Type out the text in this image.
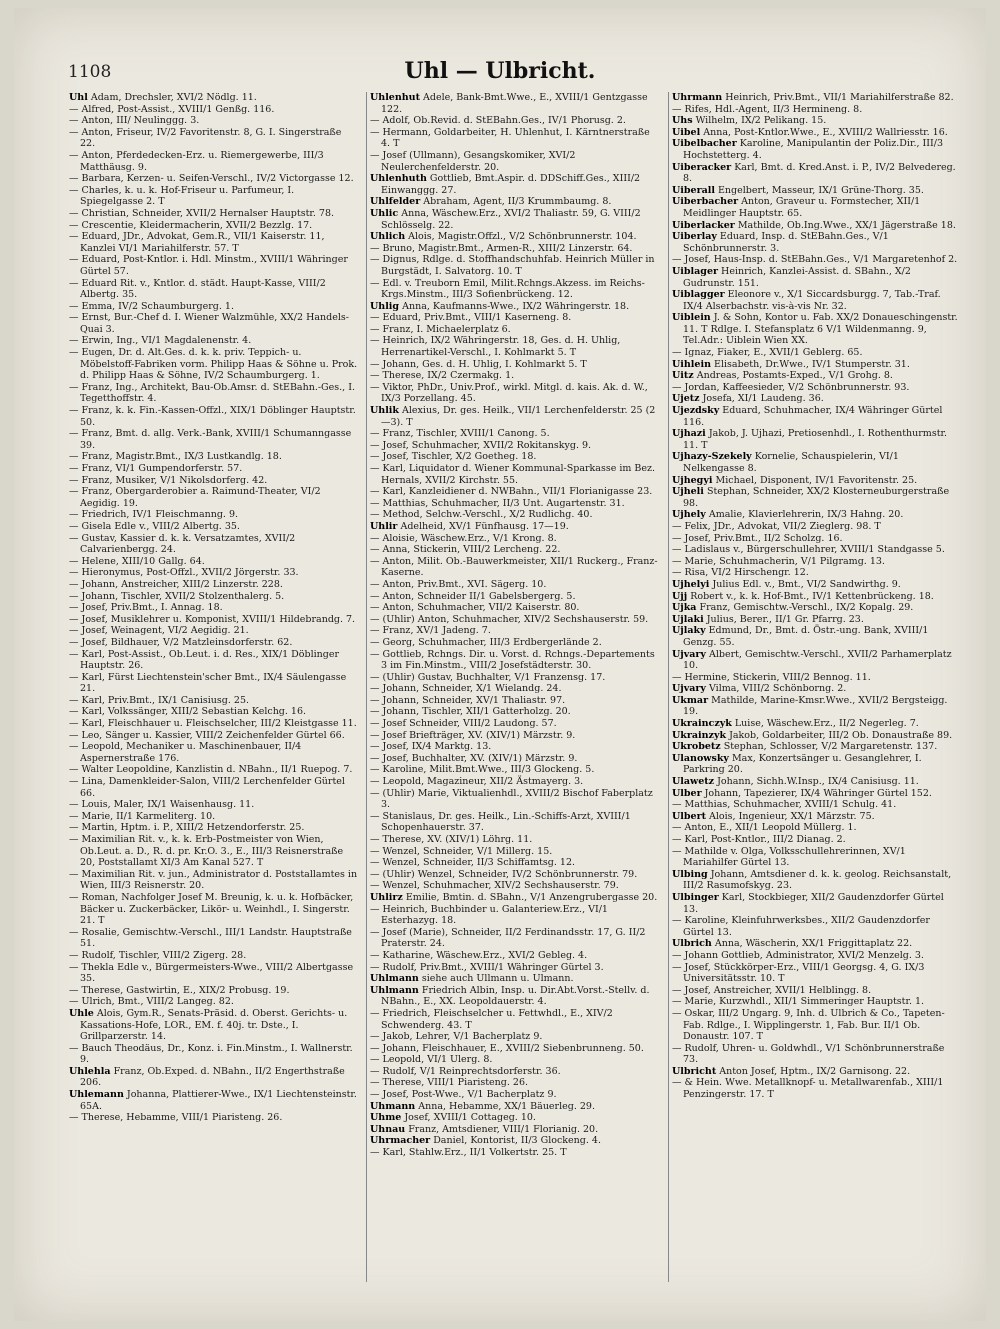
1108	Uhl — Ulbricht.
Uhl Adam, Drechsler, XVI/2 Nödlg. 11.
— Alfred, Post-Assist., XVIII/1 Genßg. 116.
— Anton, III/ Neulinggg. 3.
— Anton, Friseur, IV/2 Favoritenstr. 8, G. I. Singerstraße 22.
— Anton, Pferdedecken-Erz. u. Riemergewerbe, III/3 Matthäusg. 9.
— Barbara, Kerzen- u. Seifen-Verschl., IV/2 Victorgasse 12.
— Charles, k. u. k. Hof-Friseur u. Parfumeur, I. Spiegelgasse 2. T
— Christian, Schneider, XVII/2 Hernalser Hauptstr. 78.
— Crescentie, Kleidermacherin, XVII/2 Bezzlg. 17.
— Eduard, JDr., Advokat, Gem.R., VII/1 Kaiserstr. 11, Kanzlei VI/1 Mariahilferstr. 57. T
— Eduard, Post-Kntlor. i. Hdl. Minstm., XVIII/1 Währinger Gürtel 57.
— Eduard Rit. v., Kntlor. d. städt. Haupt-Kasse, VIII/2 Albertg. 35.
— Emma, IV/2 Schaumburgerg. 1.
— Ernst, Bur.-Chef d. I. Wiener Walzmühle, XX/2 Handels-Quai 3.
— Erwin, Ing., VI/1 Magdalenenstr. 4.
— Eugen, Dr. d. Alt.Ges. d. k. k. priv. Teppich- u. Möbelstoff-Fabriken vorm. Philipp Haas & Söhne u. Prok. d. Philipp Haas & Söhne, IV/2 Schaumburgerg. 1.
— Franz, Ing., Architekt, Bau-Ob.Amsr. d. StEBahn.-Ges., I. Tegetthoffstr. 4.
— Franz, k. k. Fin.-Kassen-Offzl., XIX/1 Döblinger Hauptstr. 50.
— Franz, Bmt. d. allg. Verk.-Bank, XVIII/1 Schumanngasse 39.
— Franz, Magistr.Bmt., IX/3 Lustkandlg. 18.
— Franz, VI/1 Gumpendorferstr. 57.
— Franz, Musiker, V/1 Nikolsdorferg. 42.
— Franz, Obergarderobier a. Raimund-Theater, VI/2 Aegidig. 19.
— Friedrich, IV/1 Fleischmanng. 9.
— Gisela Edle v., VIII/2 Albertg. 35.
— Gustav, Kassier d. k. k. Versatzamtes, XVII/2 Calvarienbergg. 24.
— Helene, XIII/10 Gallg. 64.
— Hieronymus, Post-Offzl., XVII/2 Jörgerstr. 33.
— Johann, Anstreicher, XIII/2 Linzerstr. 228.
— Johann, Tischler, XVII/2 Stolzenthalerg. 5.
— Josef, Priv.Bmt., I. Annag. 18.
— Josef, Musiklehrer u. Komponist, XVIII/1 Hildebrandg. 7.
— Josef, Weinagent, VI/2 Aegidig. 21.
— Josef, Bildhauer, V/2 Matzleinsdorferstr. 62.
— Karl, Post-Assist., Ob.Leut. i. d. Res., XIX/1 Döblinger Hauptstr. 26.
— Karl, Fürst Liechtenstein'scher Bmt., IX/4 Säulengasse 21.
— Karl, Priv.Bmt., IX/1 Canisiusg. 25.
— Karl, Volkssänger, XIII/2 Sebastian Kelchg. 16.
— Karl, Fleischhauer u. Fleischselcher, III/2 Kleistgasse 11.
— Leo, Sänger u. Kassier, VIII/2 Zeichenfelder Gürtel 66.
— Leopold, Mechaniker u. Maschinenbauer, II/4 Aspernerstraße 176.
— Walter Leopoldine, Kanzlistin d. NBahn., II/1 Ruepog. 7.
— Lina, Damenkleider-Salon, VIII/2 Lerchenfelder Gürtel 66.
— Louis, Maler, IX/1 Waisenhausg. 11.
— Marie, II/1 Karmeliterg. 10.
— Martin, Hptm. i. P., XIII/2 Hetzendorferstr. 25.
— Maximilian Rit. v., k. k. Erb-Postmeister von Wien, Ob.Leut. a. D., R. d. pr. Kr.O. 3., E., III/3 Reisnerstraße 20, Poststallamt XI/3 Am Kanal 527. T
— Maximilian Rit. v. jun., Administrator d. Poststallamtes in Wien, III/3 Reisnerstr. 20.
— Roman, Nachfolger Josef M. Breunig, k. u. k. Hofbäcker, Bäcker u. Zuckerbäcker, Likör- u. Weinhdl., I. Singerstr. 21. T
— Rosalie, Gemischtw.-Verschl., III/1 Landstr. Hauptstraße 51.
— Rudolf, Tischler, VIII/2 Zigerg. 28.
— Thekla Edle v., Bürgermeisters-Wwe., VIII/2 Albertgasse 35.
— Therese, Gastwirtin, E., XIX/2 Probusg. 19.
— Ulrich, Bmt., VIII/2 Langeg. 82.
Uhle Alois, Gym.R., Senats-Präsid. d. Oberst. Gerichts- u. Kassations-Hofe, LOR., EM. f. 40j. tr. Dste., I. Grillparzerstr. 14.
— Bauch Theodäus, Dr., Konz. i. Fin.Minstm., I. Wallnerstr. 9.
Uhlehla Franz, Ob.Exped. d. NBahn., II/2 Engerthstraße 206.
Uhlemann Johanna, Plattierer-Wwe., IX/1 Liechtensteinstr. 65A.
— Therese, Hebamme, VIII/1 Piaristeng. 26.
Uhlenhut Adele, Bank-Bmt.Wwe., E., XVIII/1 Gentzgasse 122.
— Adolf, Ob.Revid. d. StEBahn.Ges., IV/1 Phorusg. 2.
— Hermann, Goldarbeiter, H. Uhlenhut, I. Kärntnerstraße 4. T
— Josef (Ullmann), Gesangskomiker, XVI/2 Neulerchenfelderstr. 20.
Uhlenhuth Gottlieb, Bmt.Aspir. d. DDSchiff.Ges., XIII/2 Einwanggg. 27.
Uhlfelder Abraham, Agent, II/3 Krummbaumg. 8.
Uhlic Anna, Wäschew.Erz., XVI/2 Thaliastr. 59, G. VIII/2 Schlösselg. 22.
Uhlich Alois, Magistr.Offzl., V/2 Schönbrunnerstr. 104.
— Bruno, Magistr.Bmt., Armen-R., XIII/2 Linzerstr. 64.
— Dignus, Rdlge. d. Stoffhandschuhfab. Heinrich Müller in Burgstädt, I. Salvatorg. 10. T
— Edl. v. Treuborn Emil, Milit.Rchngs.Akzess. im Reichs-Krgs.Minstm., III/3 Sofienbrückeng. 12.
Uhlig Anna, Kaufmanns-Wwe., IX/2 Währingerstr. 18.
— Eduard, Priv.Bmt., VIII/1 Kaserneng. 8.
— Franz, I. Michaelerplatz 6.
— Heinrich, IX/2 Währingerstr. 18, Ges. d. H. Uhlig, Herrenartikel-Verschl., I. Kohlmarkt 5. T
— Johann, Ges. d. H. Uhlig, I. Kohlmarkt 5. T
— Therese, IX/2 Czermakg. 1.
— Viktor, PhDr., Univ.Prof., wirkl. Mitgl. d. kais. Ak. d. W., IX/3 Porzellang. 45.
Uhlik Alexius, Dr. ges. Heilk., VII/1 Lerchenfelderstr. 25 (2—3). T
— Franz, Tischler, XVIII/1 Canong. 5.
— Josef, Schuhmacher, XVII/2 Rokitanskyg. 9.
— Josef, Tischler, X/2 Goetheg. 18.
— Karl, Liquidator d. Wiener Kommunal-Sparkasse im Bez. Hernals, XVII/2 Kirchstr. 55.
— Karl, Kanzleidiener d. NWBahn., VII/1 Florianigasse 23.
— Matthias, Schuhmacher, II/3 Unt. Augartenstr. 31.
— Method, Selchw.-Verschl., X/2 Rudlichg. 40.
Uhlir Adelheid, XV/1 Fünfhausg. 17—19.
— Aloisie, Wäschew.Erz., V/1 Krong. 8.
— Anna, Stickerin, VIII/2 Lercheng. 22.
— Anton, Milit. Ob.-Bauwerkmeister, XII/1 Ruckerg., Franz-Kaserne.
— Anton, Priv.Bmt., XVI. Sägerg. 10.
— Anton, Schneider II/1 Gabelsbergerg. 5.
— Anton, Schuhmacher, VII/2 Kaiserstr. 80.
— (Uhlir) Anton, Schuhmacher, XIV/2 Sechshauserstr. 59.
— Franz, XV/1 Jadeng. 7.
— Georg, Schuhmacher, III/3 Erdbergerlände 2.
— Gottlieb, Rchngs. Dir. u. Vorst. d. Rchngs.-Departements 3 im Fin.Minstm., VIII/2 Josefstädterstr. 30.
— (Uhlir) Gustav, Buchhalter, V/1 Franzensg. 17.
— Johann, Schneider, X/1 Wielandg. 24.
— Johann, Schneider, XV/1 Thaliastr. 97.
— Johann, Tischler, XII/1 Gatterholzg. 20.
— Josef Schneider, VIII/2 Laudong. 57.
— Josef Briefträger, XV. (XIV/1) Märzstr. 9.
— Josef, IX/4 Marktg. 13.
— Josef, Buchhalter, XV. (XIV/1) Märzstr. 9.
— Karoline, Milit.Bmt.Wwe., III/3 Glockeng. 5.
— Leopold, Magazineur, XII/2 Ästmayerg. 3.
— (Uhlir) Marie, Viktualienhdl., XVIII/2 Bischof Faberplatz 3.
— Stanislaus, Dr. ges. Heilk., Lin.-Schiffs-Arzt, XVIII/1 Schopenhauerstr. 37.
— Therese, XV. (XIV/1) Löhrg. 11.
— Wenzel, Schneider, V/1 Millerg. 15.
— Wenzel, Schneider, II/3 Schiffamtsg. 12.
— (Uhlir) Wenzel, Schneider, IV/2 Schönbrunnerstr. 79.
— Wenzel, Schuhmacher, XIV/2 Sechshauserstr. 79.
Uhlirz Emilie, Bmtin. d. SBahn., V/1 Anzengrubergasse 20.
— Heinrich, Buchbinder u. Galanteriew.Erz., VI/1 Esterhazyg. 18.
— Josef (Marie), Schneider, II/2 Ferdinandsstr. 17, G. II/2 Praterstr. 24.
— Katharine, Wäschew.Erz., XVI/2 Gebleg. 4.
— Rudolf, Priv.Bmt., XVIII/1 Währinger Gürtel 3.
Uhlmann siehe auch Ullmann u. Ulmann.
Uhlmann Friedrich Albin, Insp. u. Dir.Abt.Vorst.-Stellv. d. NBahn., E., XX. Leopoldauerstr. 4.
— Friedrich, Fleischselcher u. Fettwhdl., E., XIV/2 Schwenderg. 43. T
— Jakob, Lehrer, V/1 Bacherplatz 9.
— Johann, Fleischhauer, E., XVIII/2 Siebenbrunneng. 50.
— Leopold, VI/1 Ulerg. 8.
— Rudolf, V/1 Reinprechtsdorferstr. 36.
— Therese, VIII/1 Piaristeng. 26.
— Josef, Post-Wwe., V/1 Bacherplatz 9.
Uhmann Anna, Hebamme, XX/1 Bäuerleg. 29.
Uhme Josef, XVIII/1 Cottageg. 10.
Uhnau Franz, Amtsdiener, VIII/1 Florianig. 20.
Uhrmacher Daniel, Kontorist, II/3 Glockeng. 4.
— Karl, Stahlw.Erz., II/1 Volkertstr. 25. T
Uhrmann Heinrich, Priv.Bmt., VII/1 Mariahilferstraße 82.
— Rifes, Hdl.-Agent, II/3 Hermineng. 8.
Uhs Wilhelm, IX/2 Pelikang. 15.
Uibel Anna, Post-Kntlor.Wwe., E., XVIII/2 Wallriesstr. 16.
Uibelbacher Karoline, Manipulantin der Poliz.Dir., III/3 Hochstetterg. 4.
Uiberacker Karl, Bmt. d. Kred.Anst. i. P., IV/2 Belvedereg. 8.
Uiberall Engelbert, Masseur, IX/1 Grüne-Thorg. 35.
Uiberbacher Anton, Graveur u. Formstecher, XII/1 Meidlinger Hauptstr. 65.
Uiberlacker Mathilde, Ob.Ing.Wwe., XX/1 Jägerstraße 18.
Uiberlay Eduard, Insp. d. StEBahn.Ges., V/1 Schönbrunnerstr. 3.
— Josef, Haus-Insp. d. StEBahn.Ges., V/1 Margaretenhof 2.
Uiblager Heinrich, Kanzlei-Assist. d. SBahn., X/2 Gudrunstr. 151.
Uiblagger Eleonore v., X/1 Siccardsburgg. 7, Tab.-Traf. IX/4 Alserbachstr. vis-à-vis Nr. 32.
Uiblein J. & Sohn, Kontor u. Fab. XX/2 Donaueschingenstr. 11. T Rdlge. I. Stefansplatz 6 V/1 Wildenmanng. 9, Tel.Adr.: Uiblein Wien XX.
— Ignaz, Fiaker, E., XVII/1 Geblerg. 65.
Uihlein Elisabeth, Dr.Wwe., IV/1 Stumperstr. 31.
Uitz Andreas, Postamts-Exped., V/1 Grohg. 8.
— Jordan, Kaffeesieder, V/2 Schönbrunnerstr. 93.
Ujetz Josefa, XI/1 Laudeng. 36.
Ujezdsky Eduard, Schuhmacher, IX/4 Währinger Gürtel 116.
Ujhazi Jakob, J. Ujhazi, Pretiosenhdl., I. Rothenthurmstr. 11. T
Ujhazy-Szekely Kornelie, Schauspielerin, VI/1 Nelkengasse 8.
Ujhegyi Michael, Disponent, IV/1 Favoritenstr. 25.
Ujheli Stephan, Schneider, XX/2 Klosterneuburgerstraße 98.
Ujhely Amalie, Klavierlehrerin, IX/3 Hahng. 20.
— Felix, JDr., Advokat, VII/2 Zieglerg. 98. T
— Josef, Priv.Bmt., II/2 Scholzg. 16.
— Ladislaus v., Bürgerschullehrer, XVIII/1 Standgasse 5.
— Marie, Schuhmacherin, V/1 Pilgramg. 13.
— Risa, VI/2 Hirschengr. 12.
Ujhelyi Julius Edl. v., Bmt., VI/2 Sandwirthg. 9.
Ujj Robert v., k. k. Hof-Bmt., IV/1 Kettenbrückeng. 18.
Ujka Franz, Gemischtw.-Verschl., IX/2 Kopalg. 29.
Ujlaki Julius, Berer., II/1 Gr. Pfarrg. 23.
Ujlaky Edmund, Dr., Bmt. d. Östr.-ung. Bank, XVIII/1 Genzg. 55.
Ujvary Albert, Gemischtw.-Verschl., XVII/2 Parhamerplatz 10.
— Hermine, Stickerin, VIII/2 Bennog. 11.
Ujvary Vilma, VIII/2 Schönborng. 2.
Ukmar Mathilde, Marine-Kmsr.Wwe., XVII/2 Bergsteigg. 19.
Ukrainczyk Luise, Wäschew.Erz., II/2 Negerleg. 7.
Ukrainzyk Jakob, Goldarbeiter, III/2 Ob. Donaustraße 89.
Ukrobetz Stephan, Schlosser, V/2 Margaretenstr. 137.
Ulanowsky Max, Konzertsänger u. Gesanglehrer, I. Parkring 20.
Ulawetz Johann, Sichh.W.Insp., IX/4 Canisiusg. 11.
Ulber Johann, Tapezierer, IX/4 Währinger Gürtel 152.
— Matthias, Schuhmacher, XVIII/1 Schulg. 41.
Ulbert Alois, Ingenieur, XX/1 Märzstr. 75.
— Anton, E., XII/1 Leopold Müllerg. 1.
— Karl, Post-Kntlor., III/2 Dianag. 2.
— Mathilde v. Olga, Volksschullehrerinnen, XV/1 Mariahilfer Gürtel 13.
Ulbing Johann, Amtsdiener d. k. k. geolog. Reichsanstalt, III/2 Rasumofskyg. 23.
Ulbinger Karl, Stockbieger, XII/2 Gaudenzdorfer Gürtel 13.
— Karoline, Kleinfuhrwerksbes., XII/2 Gaudenzdorfer Gürtel 13.
Ulbrich Anna, Wäscherin, XX/1 Friggittaplatz 22.
— Johann Gottlieb, Administrator, XVI/2 Menzelg. 3.
— Josef, Stückkörper-Erz., VIII/1 Georgsg. 4, G. IX/3 Universitätsstr. 10. T
— Josef, Anstreicher, XVII/1 Helblingg. 8.
— Marie, Kurzwhdl., XII/1 Simmeringer Hauptstr. 1.
— Oskar, III/2 Ungarg. 9, Inh. d. Ulbrich & Co., Tapeten-Fab. Rdlge., I. Wipplingerstr. 1, Fab. Bur. II/1 Ob. Donaustr. 107. T
— Rudolf, Uhren- u. Goldwhdl., V/1 Schönbrunnerstraße 73.
Ulbricht Anton Josef, Hptm., IX/2 Garnisong. 22.
— & Hein. Wwe. Metallknopf- u. Metallwarenfab., XIII/1 Penzingerstr. 17. T
